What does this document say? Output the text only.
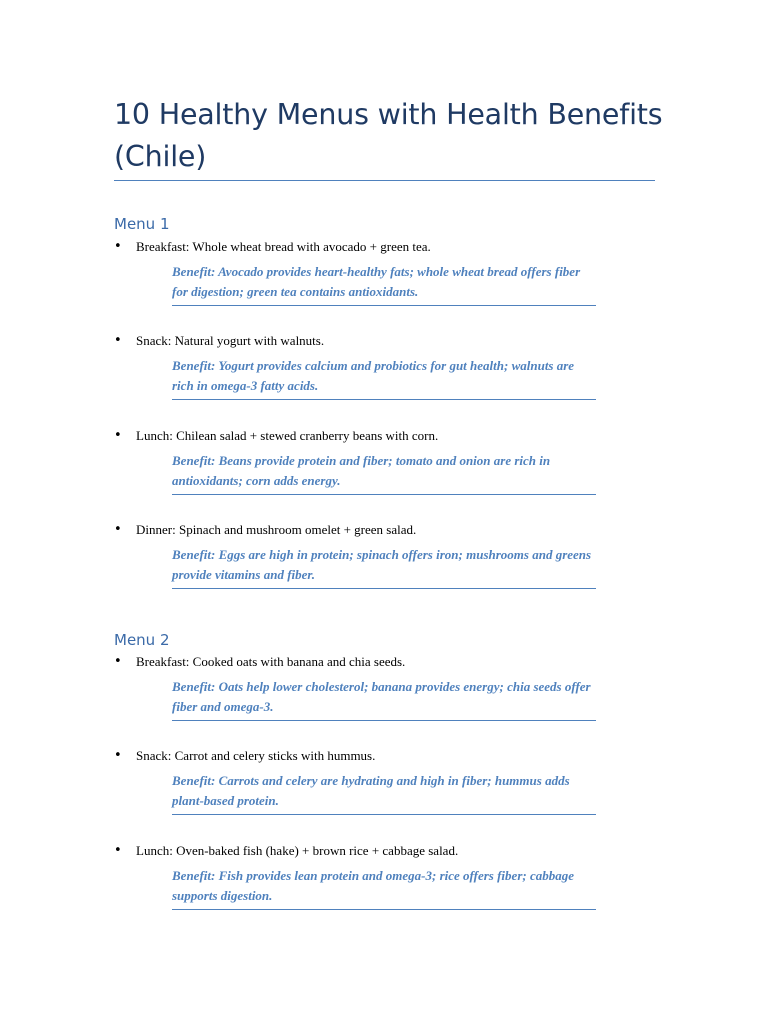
10 Healthy Menus with Health Benefits (Chile)
Menu 1
• Breakfast: Whole wheat bread with avocado + green tea.
Benefit: Avocado provides heart-healthy fats; whole wheat bread offers fiber for digestion; green tea contains antioxidants.
• Snack: Natural yogurt with walnuts.
Benefit: Yogurt provides calcium and probiotics for gut health; walnuts are rich in omega-3 fatty acids.
• Lunch: Chilean salad + stewed cranberry beans with corn.
Benefit: Beans provide protein and fiber; tomato and onion are rich in antioxidants; corn adds energy.
• Dinner: Spinach and mushroom omelet + green salad.
Benefit: Eggs are high in protein; spinach offers iron; mushrooms and greens provide vitamins and fiber.
Menu 2
• Breakfast: Cooked oats with banana and chia seeds.
Benefit: Oats help lower cholesterol; banana provides energy; chia seeds offer fiber and omega-3.
• Snack: Carrot and celery sticks with hummus.
Benefit: Carrots and celery are hydrating and high in fiber; hummus adds plant-based protein.
• Lunch: Oven-baked fish (hake) + brown rice + cabbage salad.
Benefit: Fish provides lean protein and omega-3; rice offers fiber; cabbage supports digestion.
